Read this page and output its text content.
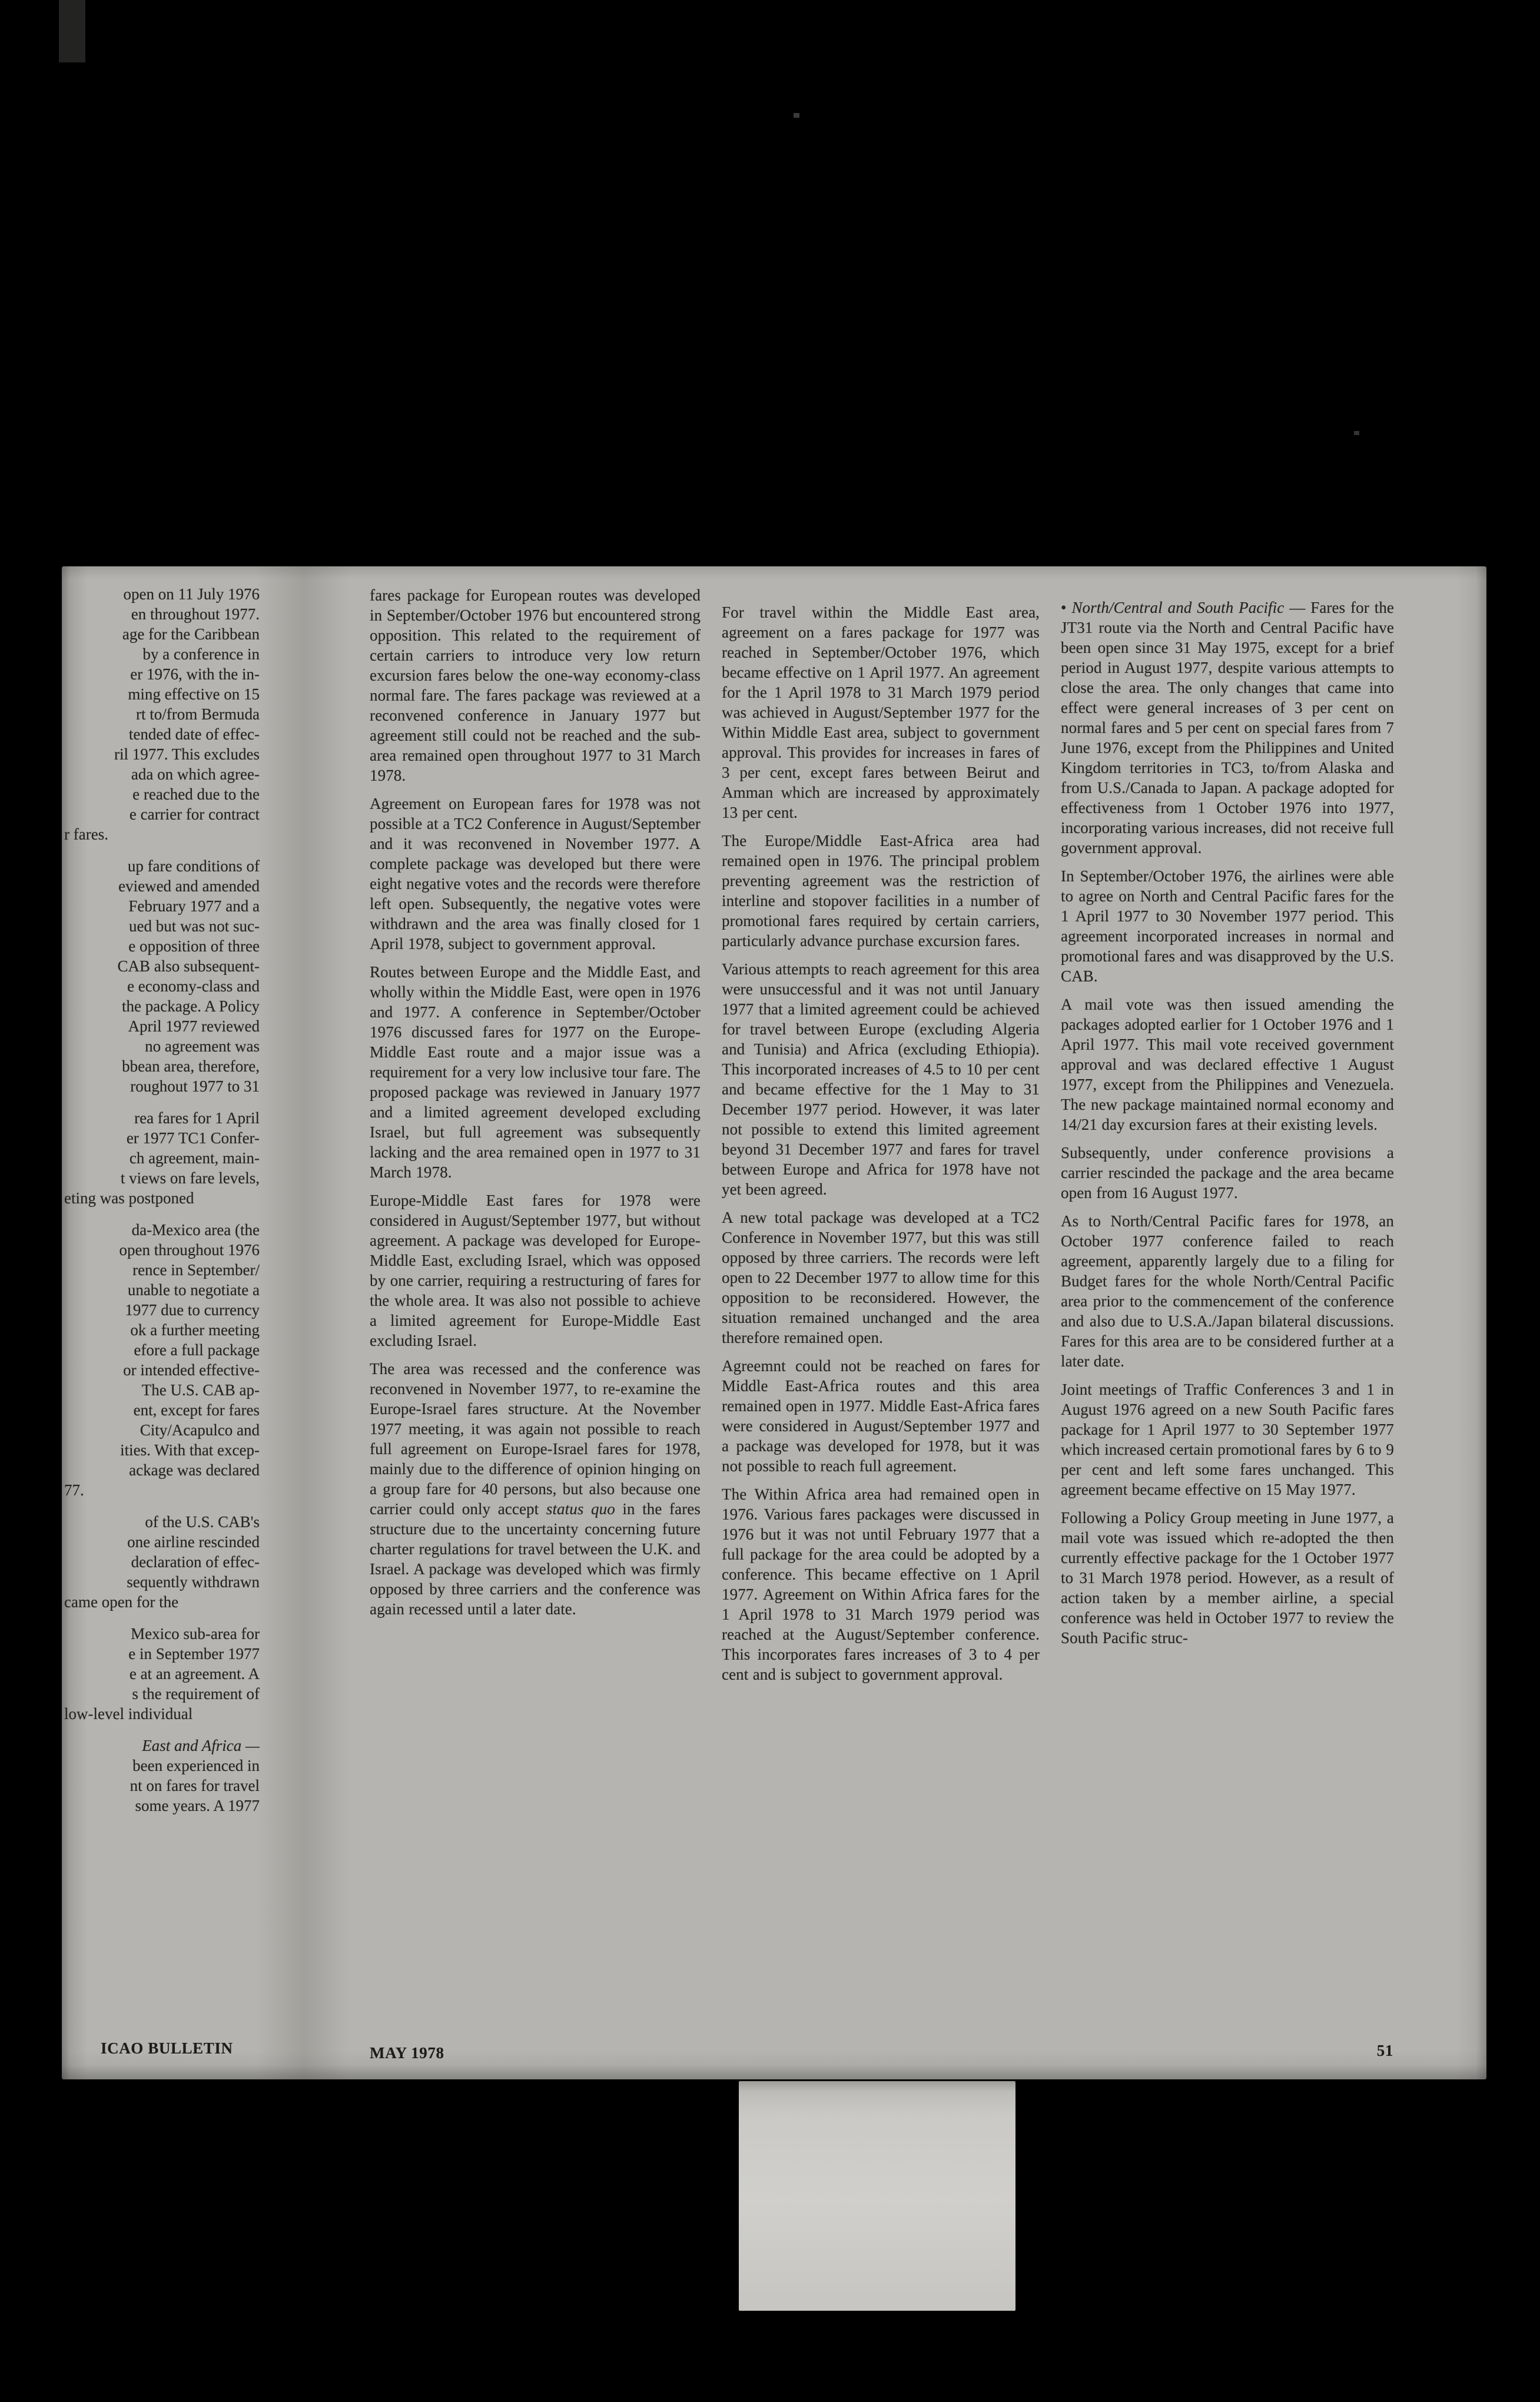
open on 11 July 1976
en throughout 1977.
age for the Caribbean
by a conference in
er 1976, with the in-
ming effective on 15
rt to/from Bermuda
tended date of effec-
ril 1977. This excludes
ada on which agree-
e reached due to the
e carrier for contract
r fares.
up fare conditions of
eviewed and amended
February 1977 and a
ued but was not suc-
e opposition of three
CAB also subsequent-
e economy-class and
the package. A Policy
April 1977 reviewed
no agreement was
bbean area, therefore,
roughout 1977 to 31
rea fares for 1 April
er 1977 TC1 Confer-
ch agreement, main-
t views on fare levels,
eting was postponed
da-Mexico area (the
open throughout 1976
rence in September/
unable to negotiate a
1977 due to currency
ok a further meeting
efore a full package
or intended effective-
The U.S. CAB ap-
ent, except for fares
City/Acapulco and
ities. With that excep-
ackage was declared
77.
of the U.S. CAB's
one airline rescinded
declaration of effec-
sequently withdrawn
came open for the
Mexico sub-area for
e in September 1977
e at an agreement. A
s the requirement of
low-level individual
East and Africa —
been experienced in
nt on fares for travel
some years. A 1977

fares package for European routes was developed in September/October 1976 but encountered strong opposition. This related to the requirement of certain carriers to introduce very low return excursion fares below the one-way economy-class normal fare. The fares package was reviewed at a reconvened conference in January 1977 but agreement still could not be reached and the sub-area remained open throughout 1977 to 31 March 1978.

Agreement on European fares for 1978 was not possible at a TC2 Conference in August/September and it was reconvened in November 1977. A complete package was developed but there were eight negative votes and the records were therefore left open. Subsequently, the negative votes were withdrawn and the area was finally closed for 1 April 1978, subject to government approval.

Routes between Europe and the Middle East, and wholly within the Middle East, were open in 1976 and 1977. A conference in September/October 1976 discussed fares for 1977 on the Europe-Middle East route and a major issue was a requirement for a very low inclusive tour fare. The proposed package was reviewed in January 1977 and a limited agreement developed excluding Israel, but full agreement was subsequently lacking and the area remained open in 1977 to 31 March 1978.

Europe-Middle East fares for 1978 were considered in August/September 1977, but without agreement. A package was developed for Europe-Middle East, excluding Israel, which was opposed by one carrier, requiring a restructuring of fares for the whole area. It was also not possible to achieve a limited agreement for Europe-Middle East excluding Israel.

The area was recessed and the conference was reconvened in November 1977, to re-examine the Europe-Israel fares structure. At the November 1977 meeting, it was again not possible to reach full agreement on Europe-Israel fares for 1978, mainly due to the difference of opinion hinging on a group fare for 40 persons, but also because one carrier could only accept status quo in the fares structure due to the uncertainty concerning future charter regulations for travel between the U.K. and Israel. A package was developed which was firmly opposed by three carriers and the conference was again recessed until a later date.

For travel within the Middle East area, agreement on a fares package for 1977 was reached in September/October 1976, which became effective on 1 April 1977. An agreement for the 1 April 1978 to 31 March 1979 period was achieved in August/September 1977 for the Within Middle East area, subject to government approval. This provides for increases in fares of 3 per cent, except fares between Beirut and Amman which are increased by approximately 13 per cent.

The Europe/Middle East-Africa area had remained open in 1976. The principal problem preventing agreement was the restriction of interline and stopover facilities in a number of promotional fares required by certain carriers, particularly advance purchase excursion fares.

Various attempts to reach agreement for this area were unsuccessful and it was not until January 1977 that a limited agreement could be achieved for travel between Europe (excluding Algeria and Tunisia) and Africa (excluding Ethiopia). This incorporated increases of 4.5 to 10 per cent and became effective for the 1 May to 31 December 1977 period. However, it was later not possible to extend this limited agreement beyond 31 December 1977 and fares for travel between Europe and Africa for 1978 have not yet been agreed.

A new total package was developed at a TC2 Conference in November 1977, but this was still opposed by three carriers. The records were left open to 22 December 1977 to allow time for this opposition to be reconsidered. However, the situation remained unchanged and the area therefore remained open.

Agreemnt could not be reached on fares for Middle East-Africa routes and this area remained open in 1977. Middle East-Africa fares were considered in August/September 1977 and a package was developed for 1978, but it was not possible to reach full agreement.

The Within Africa area had remained open in 1976. Various fares packages were discussed in 1976 but it was not until February 1977 that a full package for the area could be adopted by a conference. This became effective on 1 April 1977. Agreement on Within Africa fares for the 1 April 1978 to 31 March 1979 period was reached at the August/September conference. This incorporates fares increases of 3 to 4 per cent and is subject to government approval.

• North/Central and South Pacific — Fares for the JT31 route via the North and Central Pacific have been open since 31 May 1975, except for a brief period in August 1977, despite various attempts to close the area. The only changes that came into effect were general increases of 3 per cent on normal fares and 5 per cent on special fares from 7 June 1976, except from the Philippines and United Kingdom territories in TC3, to/from Alaska and from U.S./Canada to Japan. A package adopted for effectiveness from 1 October 1976 into 1977, incorporating various increases, did not receive full government approval.

In September/October 1976, the airlines were able to agree on North and Central Pacific fares for the 1 April 1977 to 30 November 1977 period. This agreement incorporated increases in normal and promotional fares and was disapproved by the U.S. CAB.

A mail vote was then issued amending the packages adopted earlier for 1 October 1976 and 1 April 1977. This mail vote received government approval and was declared effective 1 August 1977, except from the Philippines and Venezuela. The new package maintained normal economy and 14/21 day excursion fares at their existing levels.

Subsequently, under conference provisions a carrier rescinded the package and the area became open from 16 August 1977.

As to North/Central Pacific fares for 1978, an October 1977 conference failed to reach agreement, apparently largely due to a filing for Budget fares for the whole North/Central Pacific area prior to the commencement of the conference and also due to U.S.A./Japan bilateral discussions. Fares for this area are to be considered further at a later date.

Joint meetings of Traffic Conferences 3 and 1 in August 1976 agreed on a new South Pacific fares package for 1 April 1977 to 30 September 1977 which increased certain promotional fares by 6 to 9 per cent and left some fares unchanged. This agreement became effective on 15 May 1977.

Following a Policy Group meeting in June 1977, a mail vote was issued which re-adopted the then currently effective package for the 1 October 1977 to 31 March 1978 period. However, as a result of action taken by a member airline, a special conference was held in October 1977 to review the South Pacific struc-

ICAO BULLETIN	MAY 1978	51
